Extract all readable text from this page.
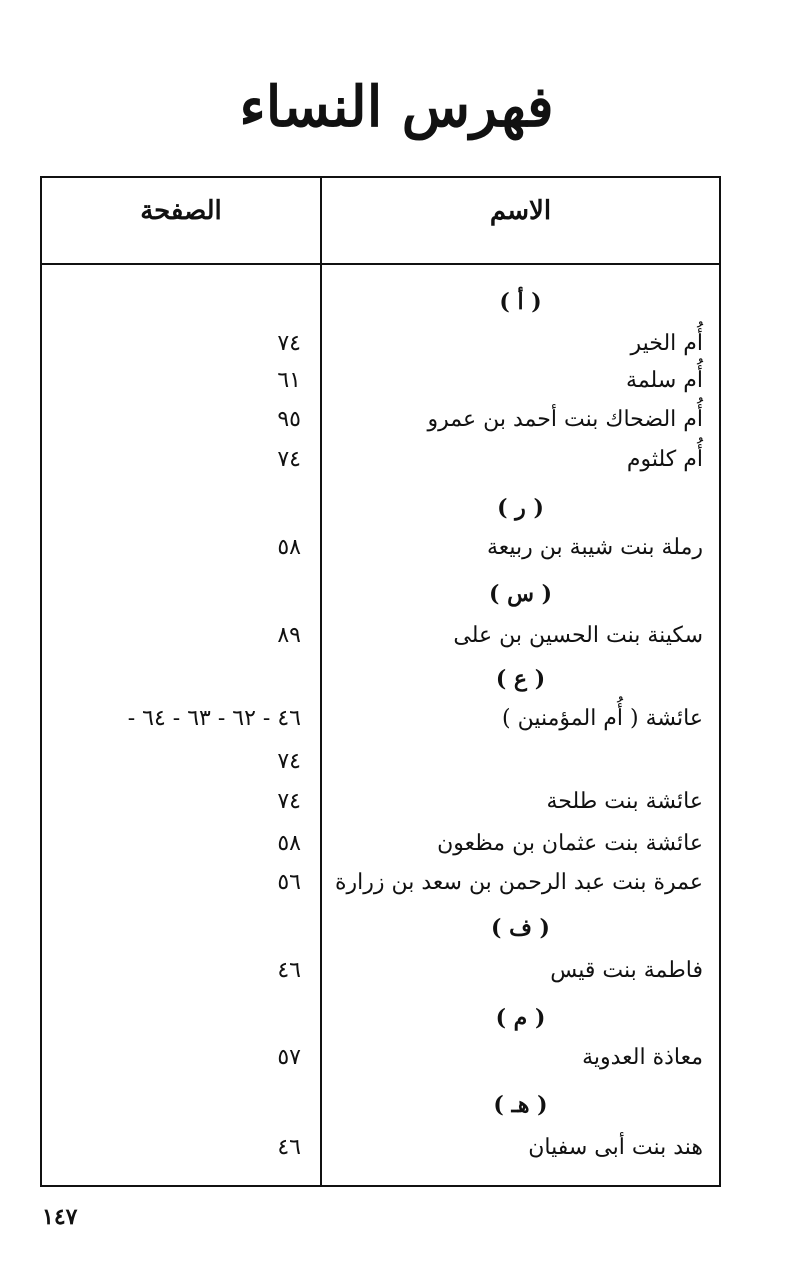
فهرس النساء
الاسم
الصفحة
( أ )
أُم الخير
٧٤
أُم سلمة
٦١
أُم الضحاك بنت أحمد بن عمرو
٩٥
أُم كلثوم
٧٤
( ر )
رملة بنت شيبة بن ربيعة
٥٨
( س )
سكينة بنت الحسين بن على
٨٩
( ع )
عائشة ( أُم المؤمنين )
٤٦ - ٦٢ - ٦٣ - ٦٤ -
٧٤
عائشة بنت طلحة
٧٤
عائشة بنت عثمان بن مظعون
٥٨
عمرة بنت عبد الرحمن بن سعد بن زرارة
٥٦
( ف )
فاطمة بنت قيس
٤٦
( م )
معاذة العدوية
٥٧
( هـ )
هند بنت أبى سفيان
٤٦
١٤٧
